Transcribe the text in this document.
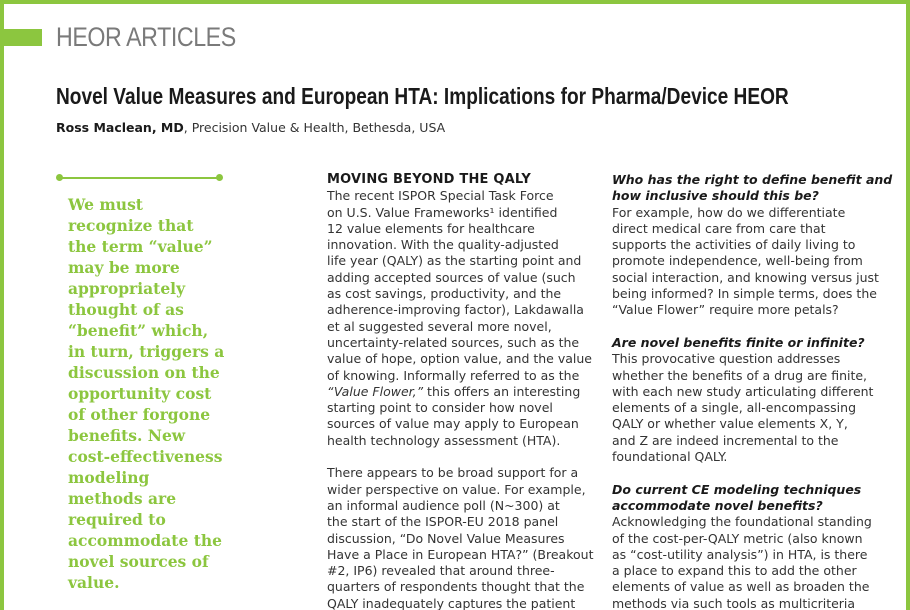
HEOR ARTICLES
Novel Value Measures and European HTA: Implications for Pharma/Device HEOR
Ross Maclean, MD, Precision Value & Health, Bethesda, USA
We must
recognize that
the term “value”
may be more
appropriately
thought of as
“benefit” which,
in turn, triggers a
discussion on the
opportunity cost
of other forgone
benefits. New
cost-effectiveness
modeling
methods are
required to
accommodate the
novel sources of
value.
MOVING BEYOND THE QALY
The recent ISPOR Special Task Force
on U.S. Value Frameworks¹ identified
12 value elements for healthcare
innovation. With the quality-adjusted
life year (QALY) as the starting point and
adding accepted sources of value (such
as cost savings, productivity, and the
adherence-improving factor), Lakdawalla
et al suggested several more novel,
uncertainty-related sources, such as the
value of hope, option value, and the value
of knowing. Informally referred to as the
“Value Flower,” this offers an interesting
starting point to consider how novel
sources of value may apply to European
health technology assessment (HTA).
There appears to be broad support for a
wider perspective on value. For example,
an informal audience poll (N~300) at
the start of the ISPOR-EU 2018 panel
discussion, “Do Novel Value Measures
Have a Place in European HTA?” (Breakout
#2, IP6) revealed that around three-
quarters of respondents thought that the
QALY inadequately captures the patient
Who has the right to define benefit and
how inclusive should this be?
For example, how do we differentiate
direct medical care from care that
supports the activities of daily living to
promote independence, well-being from
social interaction, and knowing versus just
being informed? In simple terms, does the
“Value Flower” require more petals?
Are novel benefits finite or infinite?
This provocative question addresses
whether the benefits of a drug are finite,
with each new study articulating different
elements of a single, all-encompassing
QALY or whether value elements X, Y,
and Z are indeed incremental to the
foundational QALY.
Do current CE modeling techniques
accommodate novel benefits?
Acknowledging the foundational standing
of the cost-per-QALY metric (also known
as “cost-utility analysis”) in HTA, is there
a place to expand this to add the other
elements of value as well as broaden the
methods via such tools as multicriteria
